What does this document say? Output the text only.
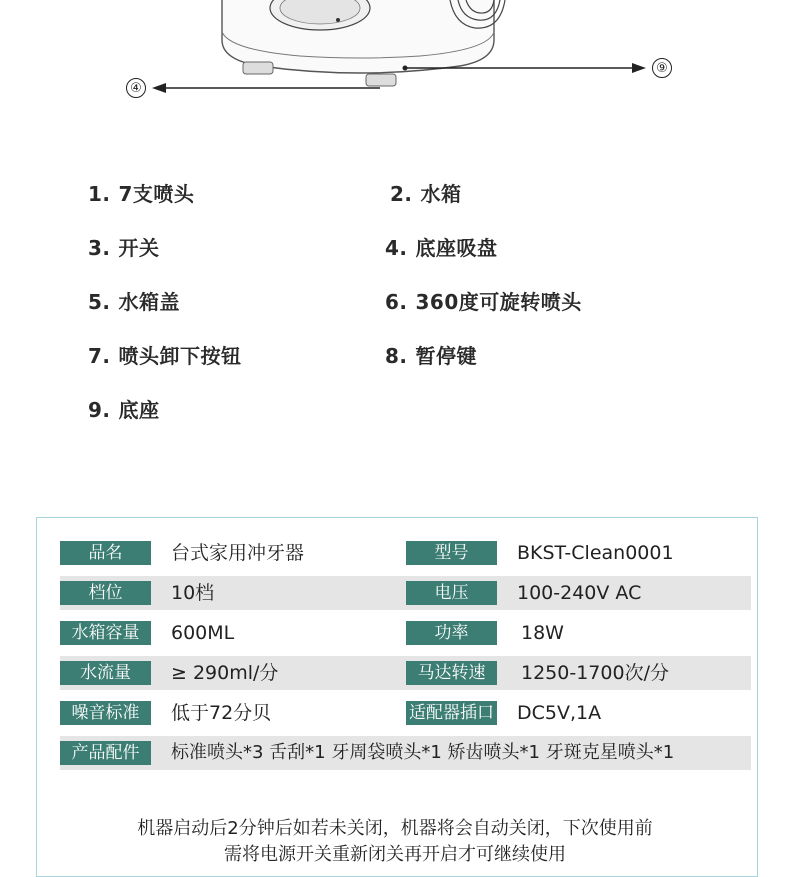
④
⑨
1. 7支喷头	2. 水箱
3. 开关	4. 底座吸盘
5. 水箱盖	6. 360度可旋转喷头
7. 喷头卸下按钮	8. 暂停键
9. 底座
品名	台式家用冲牙器	型号	BKST-Clean0001
档位	10档	电压	100-240V AC
水箱容量	600ML	功率	18W
水流量	≥ 290ml/分	马达转速	1250-1700次/分
噪音标准	低于72分贝	适配器插口 DC5V,1A
产品配件	标准喷头*3 舌刮*1 牙周袋喷头*1 矫齿喷头*1 牙斑克星喷头*1
机器启动后2分钟后如若未关闭，机器将会自动关闭，下次使用前
需将电源开关重新闭关再开启才可继续使用
